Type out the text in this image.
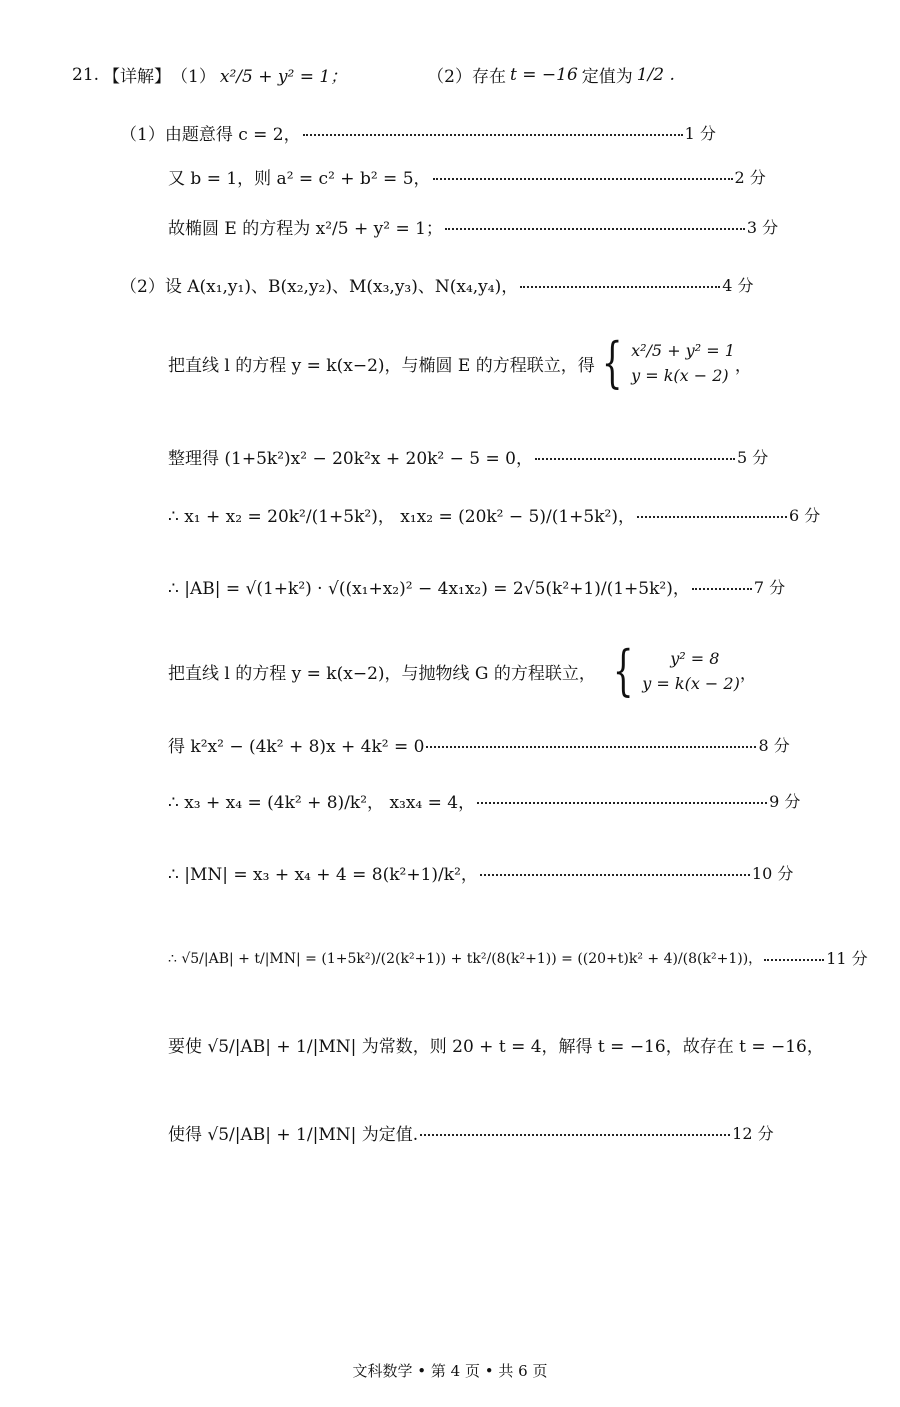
21. 【详解】 （1） x²/5 + y² = 1；	（2）存在 t = −16 定值为 1/2 .
（1）由题意得 c = 2，	1 分
又 b = 1，则 a² = c² + b² = 5，	2 分
故椭圆 E 的方程为 x²/5 + y² = 1；	3 分
（2）设 A(x₁,y₁)、B(x₂,y₂)、M(x₃,y₃)、N(x₄,y₄)，	4 分
把直线 l 的方程 y = k(x−2)，与椭圆 E 的方程联立，得 { x²/5 + y² = 1
y = k(x − 2) ，
整理得 (1+5k²)x² − 20k²x + 20k² − 5 = 0，	5 分
∴ x₁ + x₂ = 20k²/(1+5k²)， x₁x₂ = (20k² − 5)/(1+5k²)，	6 分
∴ |AB| = √(1+k²) · √((x₁+x₂)² − 4x₁x₂) = 2√5(k²+1)/(1+5k²)，	7 分
把直线 l 的方程 y = k(x−2)，与抛物线 G 的方程联立， {	y² = 8
y = k(x − 2) ，
得 k²x² − (4k² + 8)x + 4k² = 0	8 分
∴ x₃ + x₄ = (4k² + 8)/k²， x₃x₄ = 4，	9 分
∴ |MN| = x₃ + x₄ + 4 = 8(k²+1)/k²，	10 分
∴ √5/|AB| + t/|MN| = (1+5k²)/(2(k²+1)) + tk²/(8(k²+1)) = ((20+t)k² + 4)/(8(k²+1))，	11 分
要使 √5/|AB| + 1/|MN| 为常数，则 20 + t = 4，解得 t = −16，故存在 t = −16，
使得 √5/|AB| + 1/|MN| 为定值.	12 分
文科数学 • 第 4 页 • 共 6 页
